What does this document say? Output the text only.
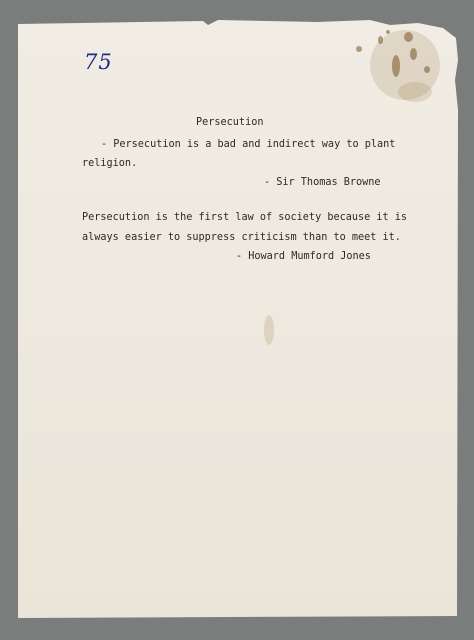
75
Persecution
- Persecution is a bad and indirect way to plant
religion.
- Sir Thomas Browne
Persecution is the first law of society because it is
always easier to suppress criticism than to meet it.
- Howard Mumford Jones
